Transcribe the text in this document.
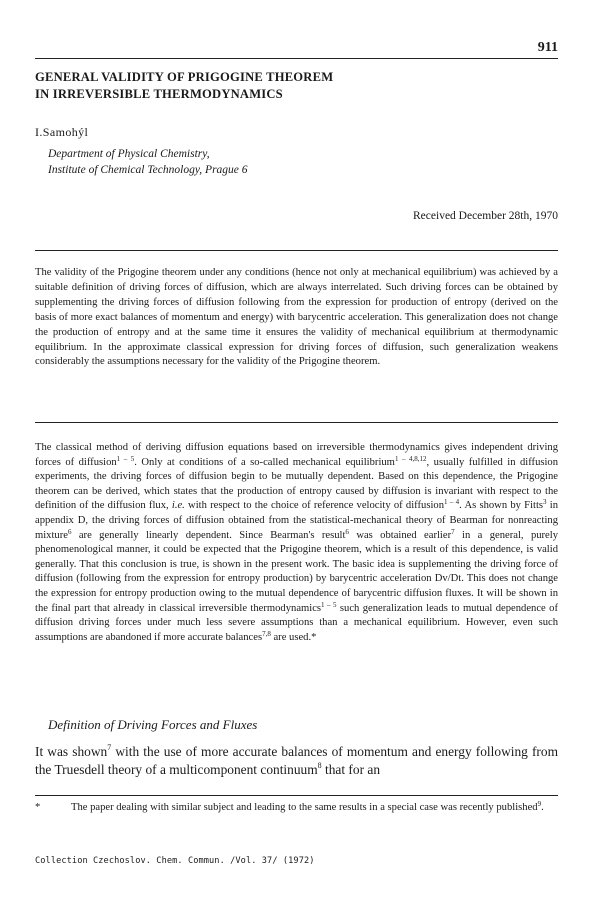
911
GENERAL VALIDITY OF PRIGOGINE THEOREM
IN IRREVERSIBLE THERMODYNAMICS
I.Samohýl
Department of Physical Chemistry,
Institute of Chemical Technology, Prague 6
Received December 28th, 1970

The validity of the Prigogine theorem under any conditions (hence not only at mechanical equilibrium) was achieved by a suitable definition of driving forces of diffusion, which are always interrelated. Such driving forces can be obtained by supplementing the driving forces of diffusion following from the expression for production of entropy (derived on the basis of more exact balances of momentum and energy) with barycentric acceleration. This generalization does not change the production of entropy and at the same time it ensures the validity of mechanical equilibrium at thermodynamic equilibrium. In the approximate classical expression for driving forces of diffusion, such generalization weakens considerably the assumptions necessary for the validity of the Prigogine theorem.

The classical method of deriving diffusion equations based on irreversible thermodynamics gives independent driving forces of diffusion$^{1 - 5}$. Only at conditions of a so-called mechanical equilibrium$^{1 - 4,8,12}$, usually fulfilled in diffusion experiments, the driving forces of diffusion begin to be mutually dependent. Based on this dependence, the Prigogine theorem can be derived, which states that the production of entropy caused by diffusion is invariant with respect to the definition of the diffusion flux, i.e. with respect to the choice of reference velocity of diffusion$^{1 - 4}$. As shown by Fitts$^3$ in appendix D, the driving forces of diffusion obtained from the statistical-mechanical theory of Bearman for nonreacting mixture$^6$ are generally linearly dependent. Since Bearman's result$^6$ was obtained earlier$^7$ in a general, purely phenomenological manner, it could be expected that the Prigogine theorem, which is a result of this dependence, is valid generally. That this conclusion is true, is shown in the present work. The basic idea is supplementing the driving force of diffusion (following from the expression for entropy production) by barycentric acceleration Dv/Dt. This does not change the expression for entropy production owing to the mutual dependence of barycentric diffusion fluxes. It will be shown in the final part that already in classical irreversible thermodynamics$^{1 - 5}$ such generalization leads to mutual dependence of diffusion driving forces under much less severe assumptions than a mechanical equilibrium. However, even such assumptions are abandoned if more accurate balances$^{7,8}$ are used.*

Definition of Driving Forces and Fluxes

It was shown$^7$ with the use of more accurate balances of momentum and energy following from the Truesdell theory of a multicomponent continuum$^8$ that for an

*	The paper dealing with similar subject and leading to the same results in a special case was recently published$^9$.

Collection Czechoslov. Chem. Commun. /Vol. 37/ (1972)
